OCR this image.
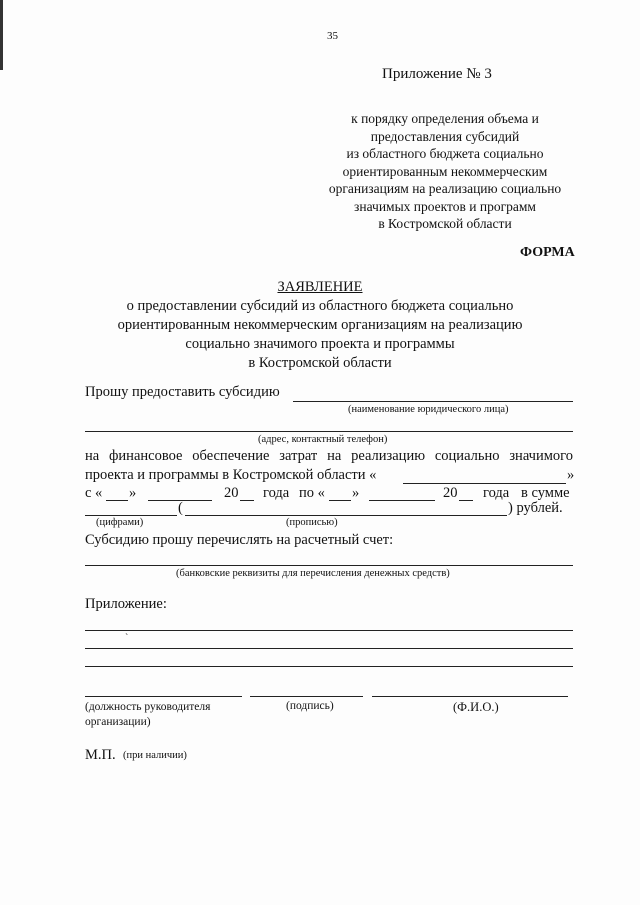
35
Приложение № 3
к порядку определения объема и
предоставления субсидий
из областного бюджета социально
ориентированным некоммерческим
организациям на реализацию социально
значимых проектов и программ
в Костромской области
ФОРМА
ЗАЯВЛЕНИЕ
о предоставлении субсидий из областного бюджета социально
ориентированным некоммерческим организациям на реализацию
социально значимого проекта и программы
в Костромской области
Прошу предоставить субсидию
(наименование юридического лица)
(адрес, контактный телефон)
на финансовое обеспечение затрат на реализацию социально значимого
проекта и программы в Костромской области «	»
с « »	20 года по « »	20 года в сумме
(	) рублей.
(цифрами)	(прописью)
Субсидию прошу перечислять на расчетный счет:
(банковские реквизиты для перечисления денежных средств)
Приложение:
`
(должность руководителя
организации)
(подпись)	(Ф.И.О.)
М.П. (при наличии)
